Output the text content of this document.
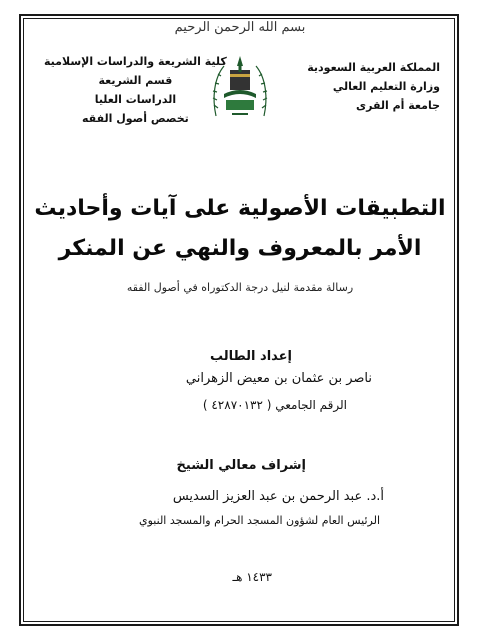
بسم الله الرحمن الرحيم
المملكة العربية السعودية
وزارة التعليم العالي
جامعة أم القرى
كلية الشريعة والدراسات الإسلامية
قسم الشريعة
الدراسات العليا
تخصص أصول الفقه
التطبيقات الأصولية على آيات وأحاديث
الأمر بالمعروف والنهي عن المنكر
رسالة مقدمة لنيل درجة الدكتوراه في أصول الفقه
إعداد الطالب
ناصر بن عثمان بن معيض الزهراني
الرقم الجامعي ( ٤٢٨٧٠١٣٢ )
إشراف معالي الشيخ
أ.د. عبد الرحمن بن عبد العزيز السديس
الرئيس العام لشؤون المسجد الحرام والمسجد النبوي
١٤٣٣ هـ
